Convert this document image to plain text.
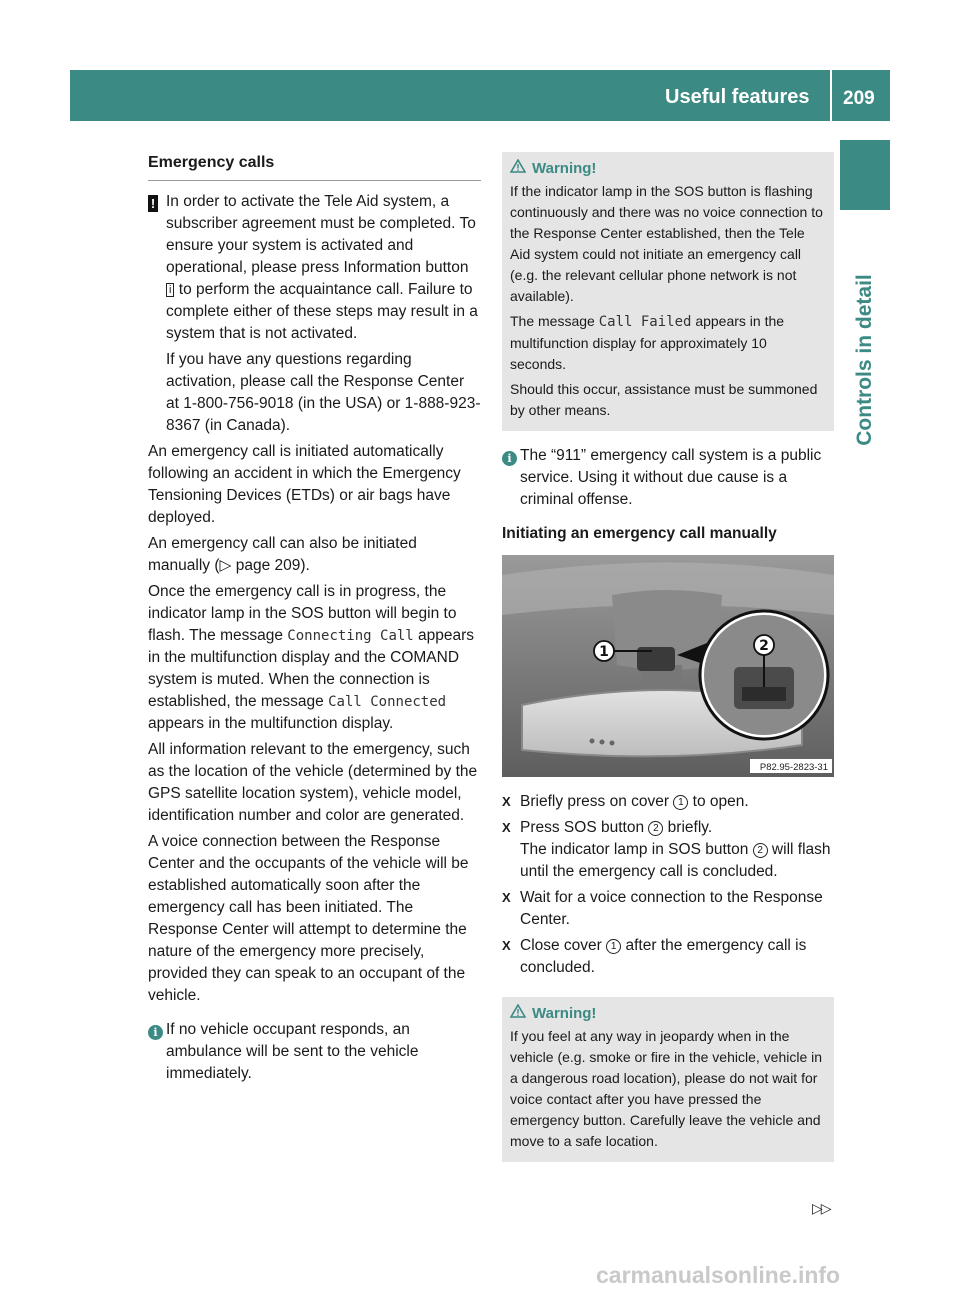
Useful features 209
Controls in detail
Emergency calls
! In order to activate the Tele Aid system, a subscriber agreement must be completed. To ensure your system is activated and operational, please press Information button i to perform the acquaintance call. Failure to complete either of these steps may result in a system that is not activated.

If you have any questions regarding activation, please call the Response Center at 1-800-756-9018 (in the USA) or 1-888-923-8367 (in Canada).

An emergency call is initiated automatically following an accident in which the Emergency Tensioning Devices (ETDs) or air bags have deployed.

An emergency call can also be initiated manually (▷ page 209).

Once the emergency call is in progress, the indicator lamp in the SOS button will begin to flash. The message Connecting Call appears in the multifunction display and the COMAND system is muted. When the connection is established, the message Call Connected appears in the multifunction display.

All information relevant to the emergency, such as the location of the vehicle (determined by the GPS satellite location system), vehicle model, identification number and color are generated.

A voice connection between the Response Center and the occupants of the vehicle will be established automatically soon after the emergency call has been initiated. The Response Center will attempt to determine the nature of the emergency more precisely, provided they can speak to an occupant of the vehicle.

i If no vehicle occupant responds, an ambulance will be sent to the vehicle immediately.

Warning!

If the indicator lamp in the SOS button is flashing continuously and there was no voice connection to the Response Center established, then the Tele Aid system could not initiate an emergency call (e.g. the relevant cellular phone network is not available).

The message Call Failed appears in the multifunction display for approximately 10 seconds.

Should this occur, assistance must be summoned by other means.

i The “911” emergency call system is a public service. Using it without due cause is a criminal offense.

Initiating an emergency call manually
1	2
P82.95-2823-31
X Briefly press on cover 1 to open.
X Press SOS button 2 briefly.
The indicator lamp in SOS button 2 will flash until the emergency call is concluded.
X Wait for a voice connection to the Response Center.
X Close cover 1 after the emergency call is concluded.
Warning!

If you feel at any way in jeopardy when in the vehicle (e.g. smoke or fire in the vehicle, vehicle in a dangerous road location), please do not wait for voice contact after you have pressed the emergency button. Carefully leave the vehicle and move to a safe location.

▷▷
carmanualsonline.info
